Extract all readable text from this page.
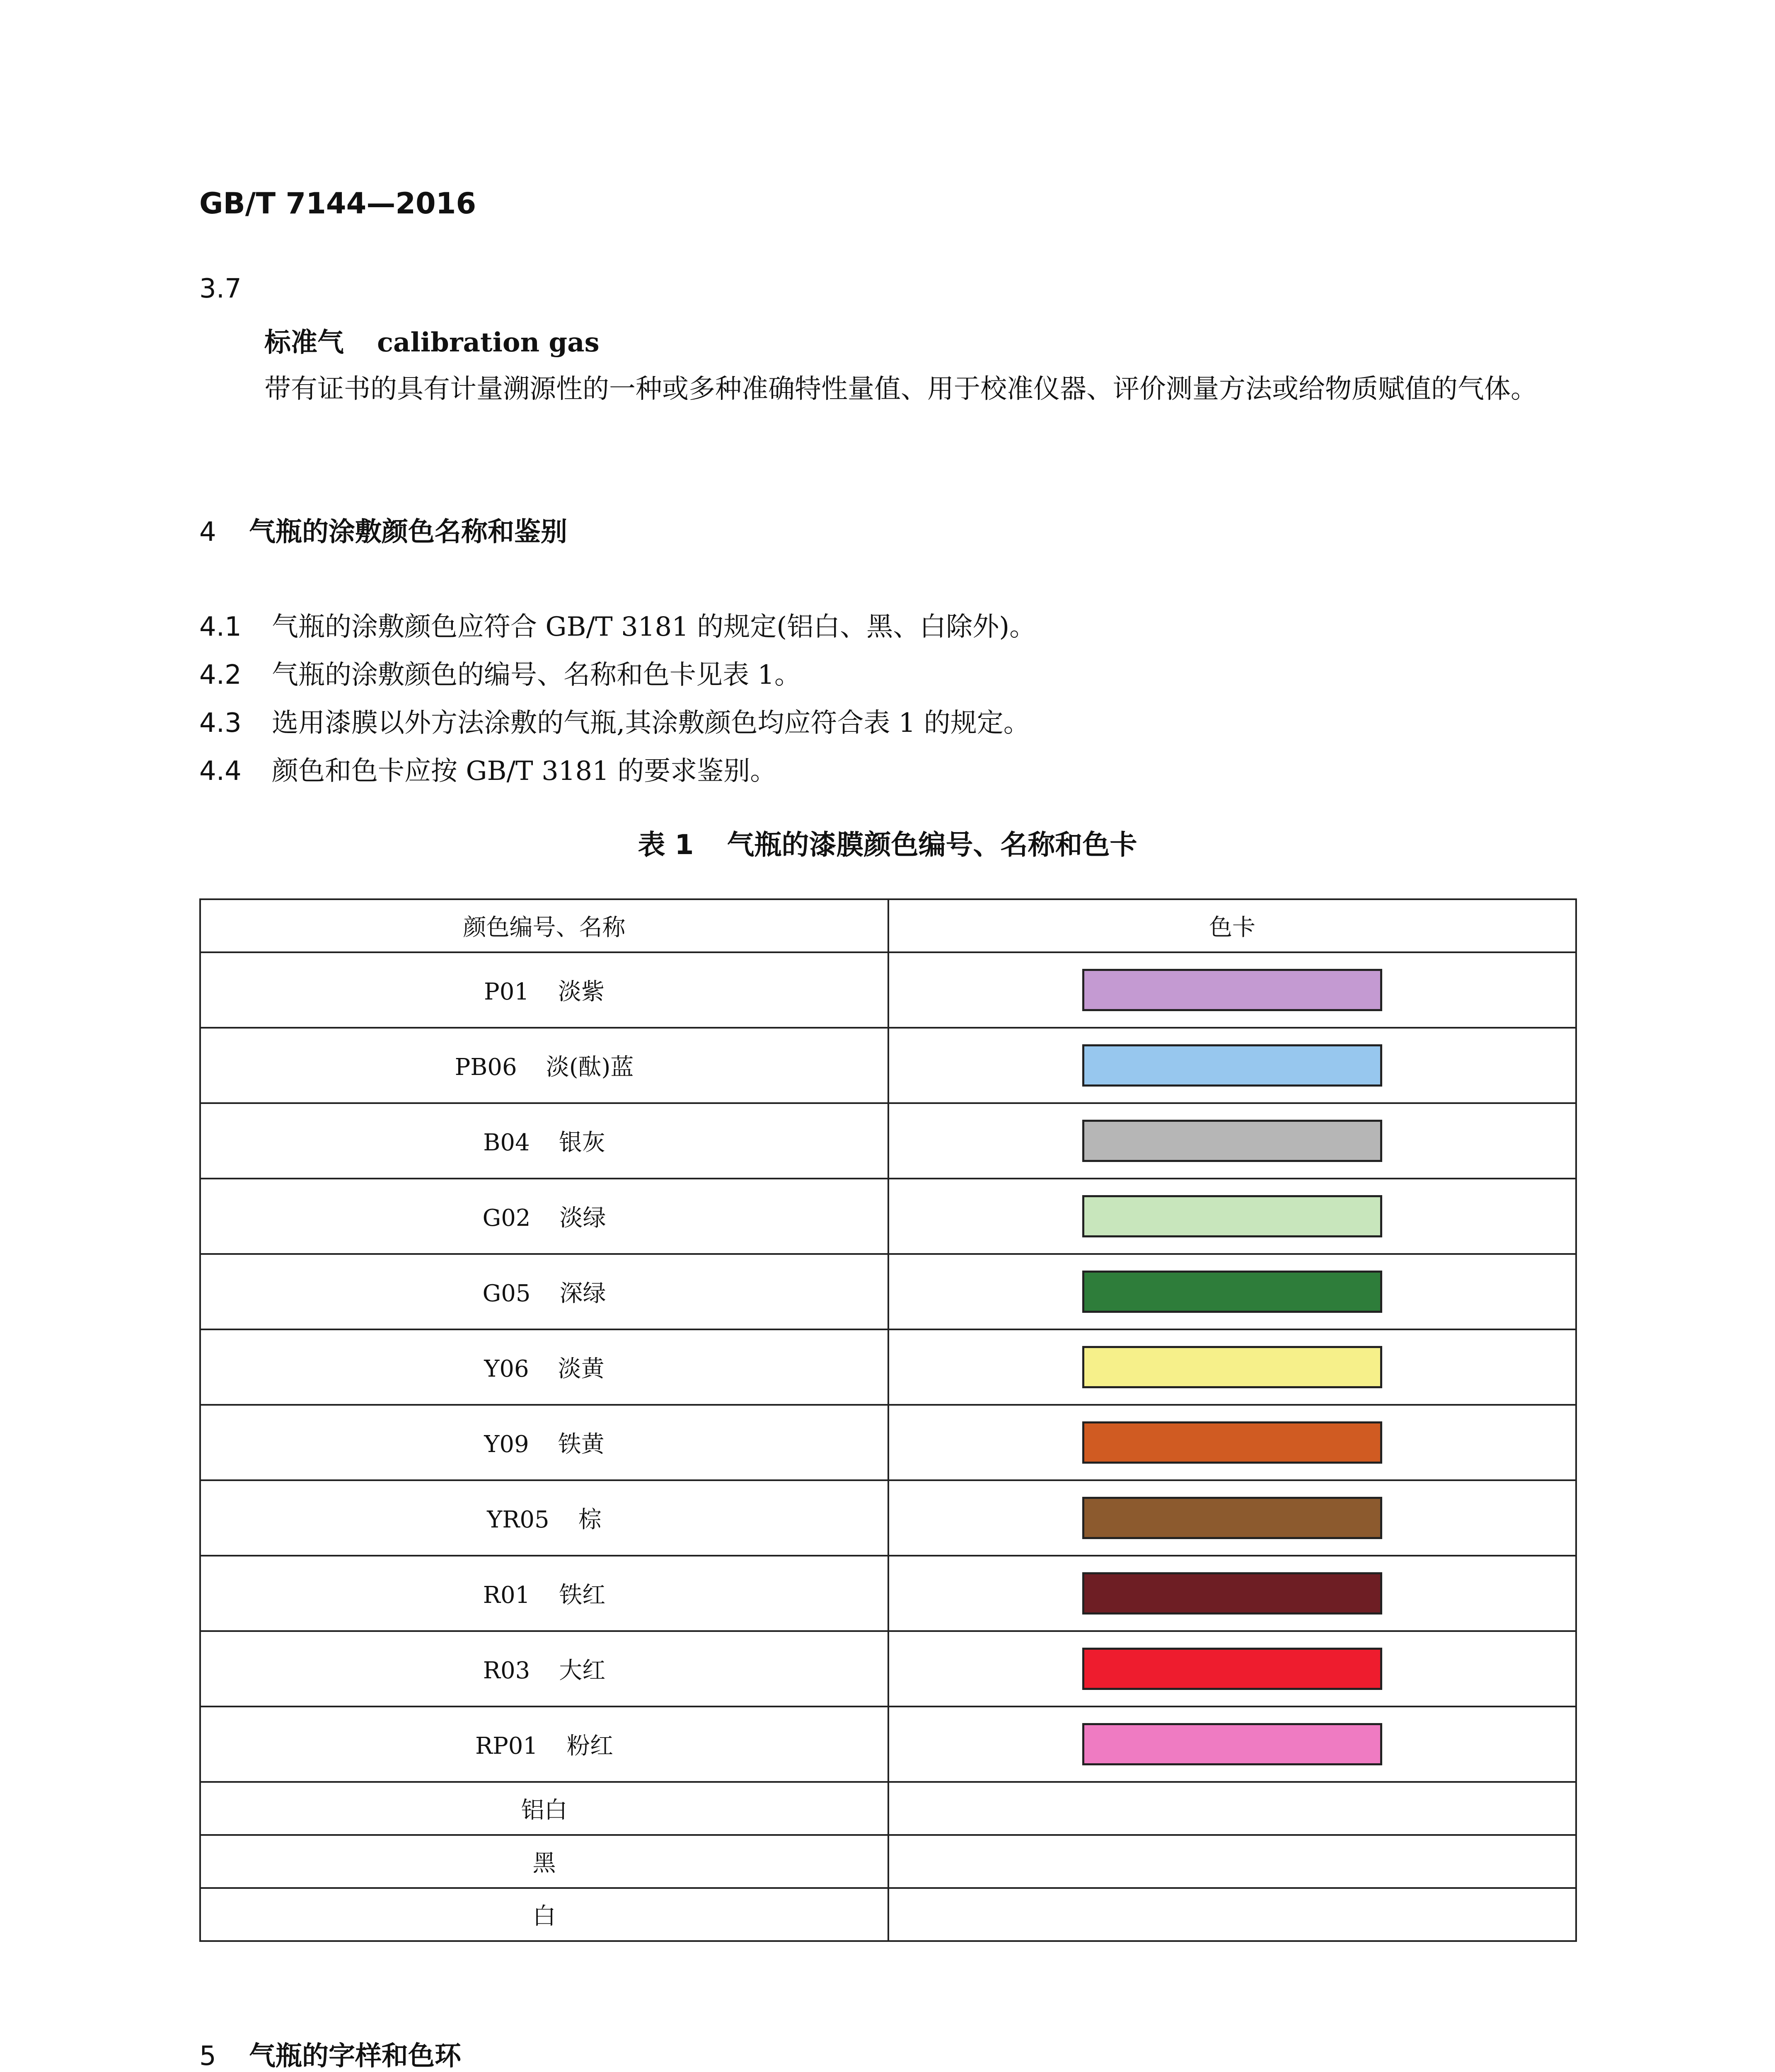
GB/T 7144—2016
3.7
标准气 calibration gas
带有证书的具有计量溯源性的一种或多种准确特性量值、用于校准仪器、评价测量方法或给物质赋值的气体。
4 气瓶的涂敷颜色名称和鉴别
4.1 气瓶的涂敷颜色应符合 GB/T 3181 的规定(铝白、黑、白除外)。
4.2 气瓶的涂敷颜色的编号、名称和色卡见表 1。
4.3 选用漆膜以外方法涂敷的气瓶,其涂敷颜色均应符合表 1 的规定。
4.4 颜色和色卡应按 GB/T 3181 的要求鉴别。
表 1 气瓶的漆膜颜色编号、名称和色卡
颜色编号、名称	色卡
P01 淡紫	
PB06 淡(酞)蓝	
B04 银灰	
G02 淡绿	
G05 深绿	
Y06 淡黄	
Y09 铁黄	
YR05 棕	
R01 铁红	
R03 大红	
RP01 粉红	
铝白	
黑	
白	
5 气瓶的字样和色环
